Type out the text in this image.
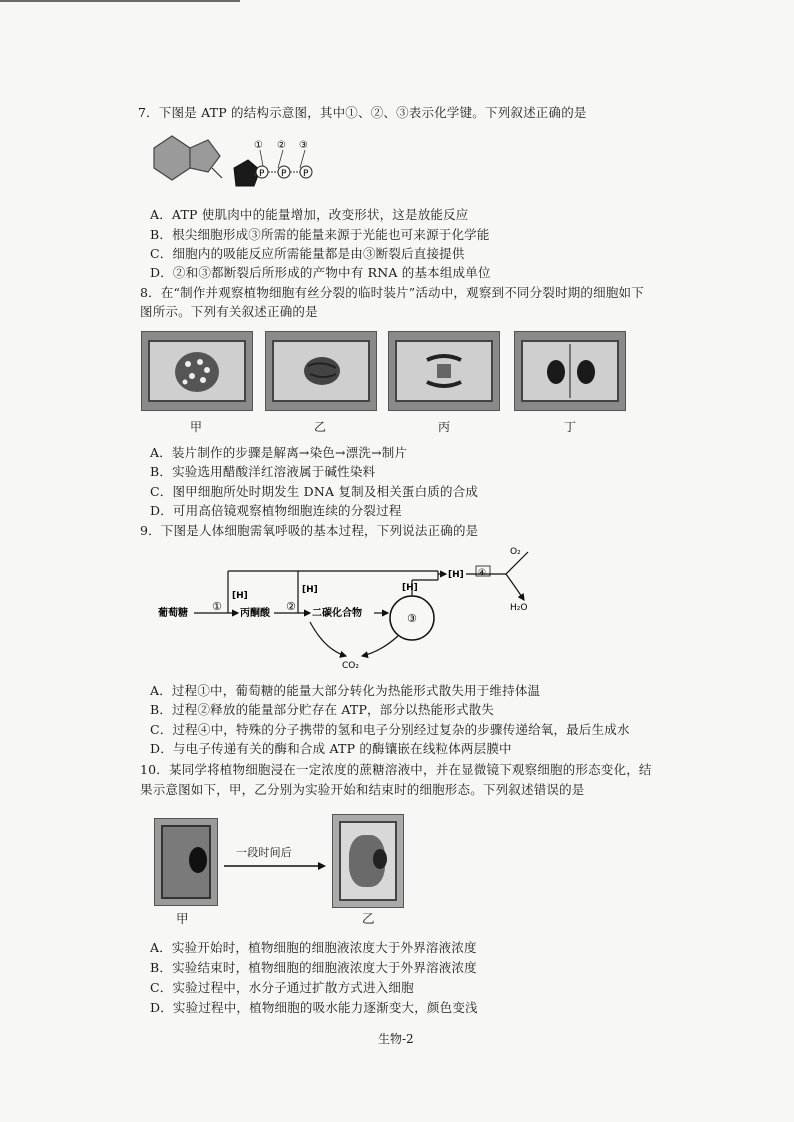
7．下图是 ATP 的结构示意图，其中①、②、③表示化学键。下列叙述正确的是
P P P
① ② ③
A．ATP 使肌肉中的能量增加，改变形状，这是放能反应
B．根尖细胞形成③所需的能量来源于光能也可来源于化学能
C．细胞内的吸能反应所需能量都是由③断裂后直接提供
D．②和③都断裂后所形成的产物中有 RNA 的基本组成单位
8．在“制作并观察植物细胞有丝分裂的临时装片”活动中，观察到不同分裂时期的细胞如下
图所示。下列有关叙述正确的是
甲	乙	丙	丁
A．装片制作的步骤是解离→染色→漂洗→制片
B．实验选用醋酸洋红溶液属于碱性染料
C．图甲细胞所处时期发生 DNA 复制及相关蛋白质的合成
D．可用高倍镜观察植物细胞连续的分裂过程
9．下图是人体细胞需氧呼吸的基本过程，下列说法正确的是
葡萄糖
①
丙酮酸
②
二碳化合物	③
[H]
[H]	[H]
[H] ④
O₂
H₂O
CO₂
A．过程①中，葡萄糖的能量大部分转化为热能形式散失用于维持体温
B．过程②释放的能量部分贮存在 ATP，部分以热能形式散失
C．过程④中，特殊的分子携带的氢和电子分别经过复杂的步骤传递给氧，最后生成水
D．与电子传递有关的酶和合成 ATP 的酶镶嵌在线粒体两层膜中
10．某同学将植物细胞浸在一定浓度的蔗糖溶液中，并在显微镜下观察细胞的形态变化，结
果示意图如下，甲，乙分别为实验开始和结束时的细胞形态。下列叙述错误的是
一段时间后
甲	乙
A．实验开始时，植物细胞的细胞液浓度大于外界溶液浓度
B．实验结束时，植物细胞的细胞液浓度大于外界溶液浓度
C．实验过程中，水分子通过扩散方式进入细胞
D．实验过程中，植物细胞的吸水能力逐渐变大，颜色变浅
生物-2
